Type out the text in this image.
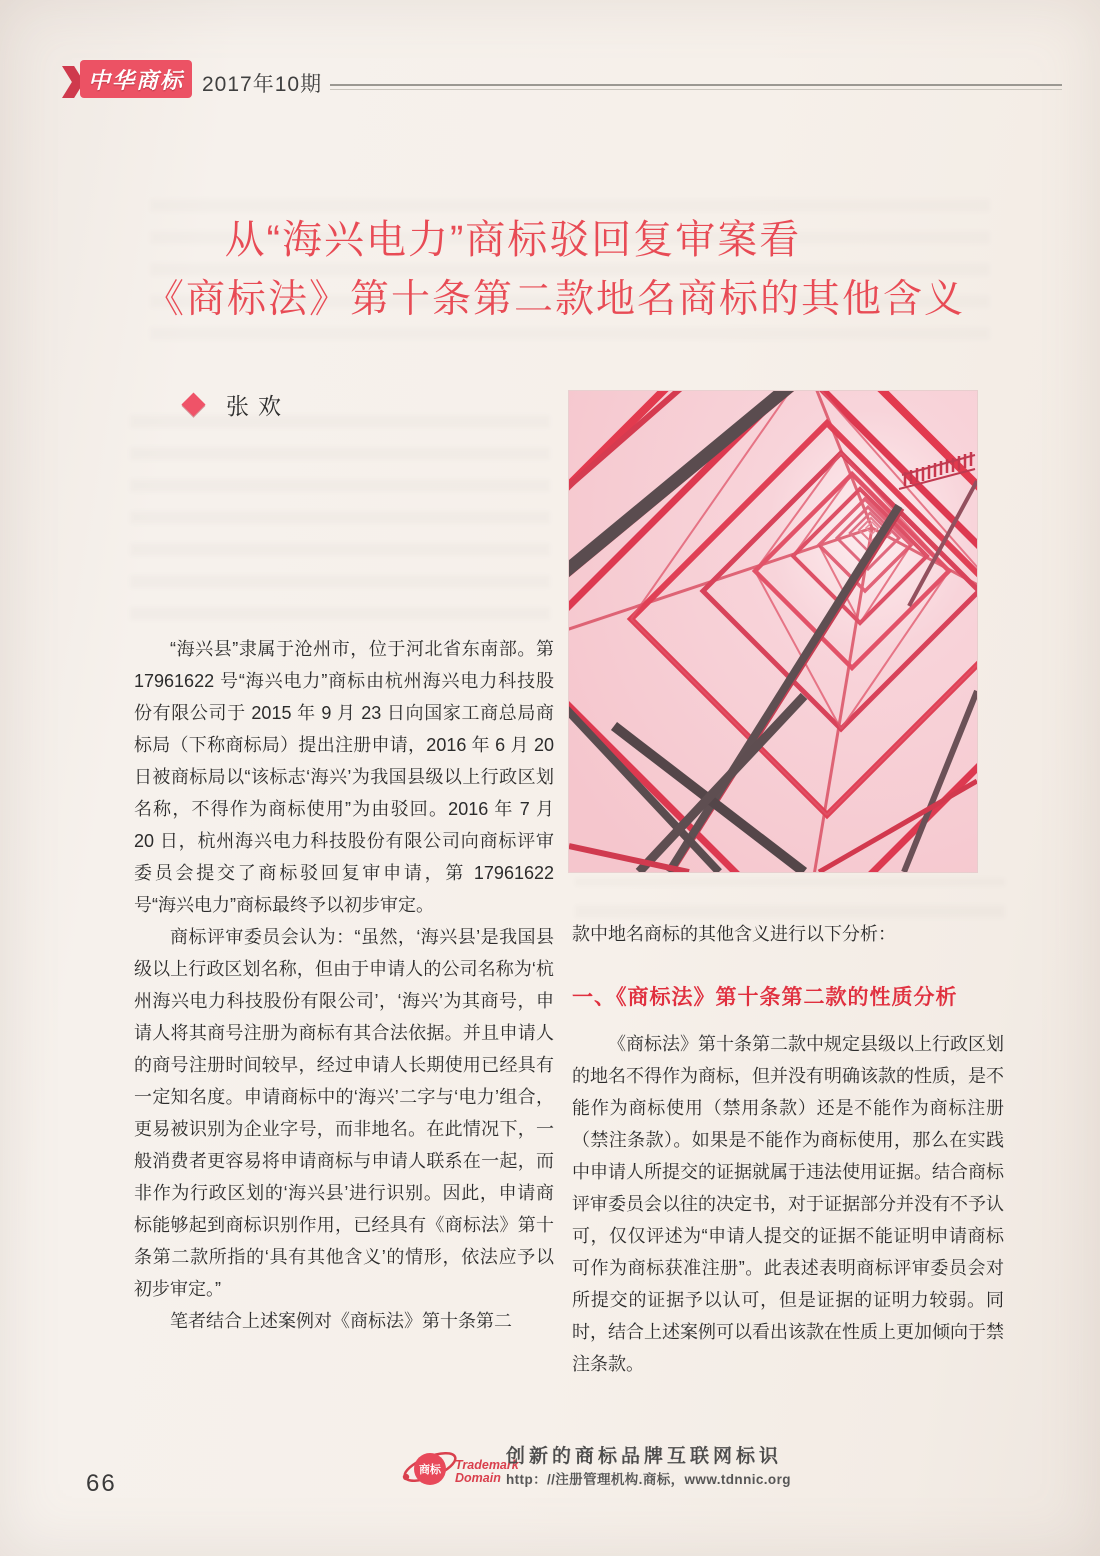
中华商标 2017年10期
从“海兴电力”商标驳回复审案看
《商标法》第十条第二款地名商标的其他含义
张欢

“海兴县”隶属于沧州市，位于河北省东南部。第 17961622 号“海兴电力”商标由杭州海兴电力科技股份有限公司于 2015 年 9 月 23 日向国家工商总局商标局（下称商标局）提出注册申请，2016 年 6 月 20 日被商标局以“该标志‘海兴’为我国县级以上行政区划名称，不得作为商标使用”为由驳回。2016 年 7 月 20 日，杭州海兴电力科技股份有限公司向商标评审委员会提交了商标驳回复审申请，第 17961622 号“海兴电力”商标最终予以初步审定。

商标评审委员会认为：“虽然，‘海兴县’是我国县级以上行政区划名称，但由于申请人的公司名称为‘杭州海兴电力科技股份有限公司’，‘海兴’为其商号，申请人将其商号注册为商标有其合法依据。并且申请人的商号注册时间较早，经过申请人长期使用已经具有一定知名度。申请商标中的‘海兴’二字与‘电力’组合，更易被识别为企业字号，而非地名。在此情况下，一般消费者更容易将申请商标与申请人联系在一起，而非作为行政区划的‘海兴县’进行识别。因此，申请商标能够起到商标识别作用，已经具有《商标法》第十条第二款所指的‘具有其他含义’的情形，依法应予以初步审定。”

笔者结合上述案例对《商标法》第十条第二

款中地名商标的其他含义进行以下分析：

一、《商标法》第十条第二款的性质分析

《商标法》第十条第二款中规定县级以上行政区划的地名不得作为商标，但并没有明确该款的性质，是不能作为商标使用（禁用条款）还是不能作为商标注册（禁注条款）。如果是不能作为商标使用，那么在实践中申请人所提交的证据就属于违法使用证据。结合商标评审委员会以往的决定书，对于证据部分并没有不予认可，仅仅评述为“申请人提交的证据不能证明申请商标可作为商标获准注册”。此表述表明商标评审委员会对所提交的证据予以认可，但是证据的证明力较弱。同时，结合上述案例可以看出该款在性质上更加倾向于禁注条款。

66	商标 Trademark
Domain
创新的商标品牌互联网标识
http：//注册管理机构.商标，www.tdnnic.org
